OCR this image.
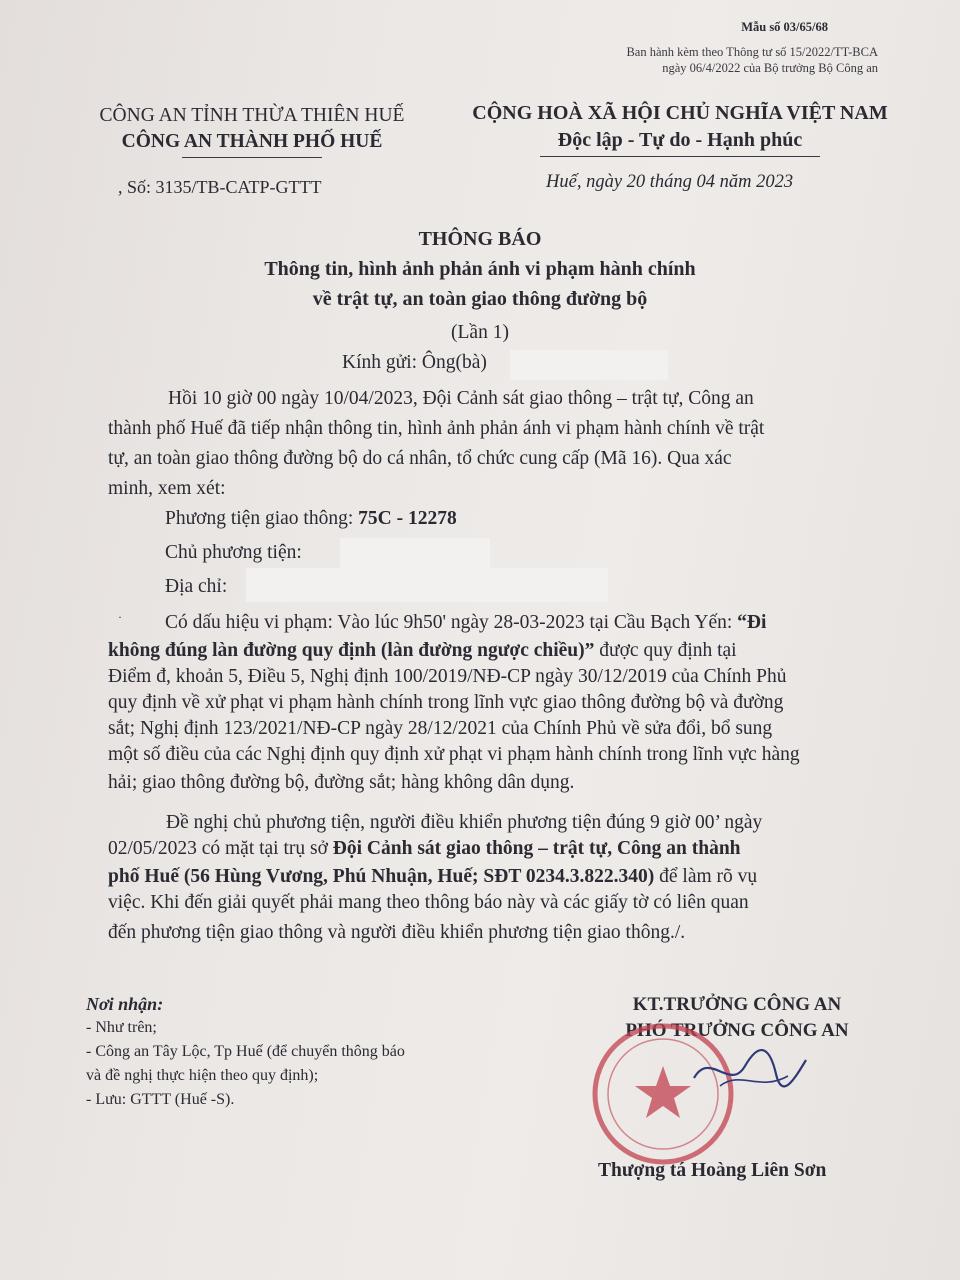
Mẫu số 03/65/68
Ban hành kèm theo Thông tư số 15/2022/TT-BCA
ngày 06/4/2022 của Bộ trưởng Bộ Công an
CÔNG AN TỈNH THỪA THIÊN HUẾ
CÔNG AN THÀNH PHỐ HUẾ
CỘNG HOÀ XÃ HỘI CHỦ NGHĨA VIỆT NAM
Độc lập - Tự do - Hạnh phúc
, Số: 3135/TB-CATP-GTTT	Huế, ngày 20 tháng 04 năm 2023
THÔNG BÁO
Thông tin, hình ảnh phản ánh vi phạm hành chính
về trật tự, an toàn giao thông đường bộ
(Lần 1)
Kính gửi: Ông(bà)
Hồi 10 giờ 00 ngày 10/04/2023, Đội Cảnh sát giao thông – trật tự, Công an
thành phố Huế đã tiếp nhận thông tin, hình ảnh phản ánh vi phạm hành chính về trật
tự, an toàn giao thông đường bộ do cá nhân, tổ chức cung cấp (Mã 16). Qua xác
minh, xem xét:
Phương tiện giao thông: 75C - 12278
Chủ phương tiện:
Địa chỉ:
· Có dấu hiệu vi phạm: Vào lúc 9h50' ngày 28-03-2023 tại Cầu Bạch Yến: “Đi
không đúng làn đường quy định (làn đường ngược chiều)” được quy định tại
Điểm đ, khoản 5, Điều 5, Nghị định 100/2019/NĐ-CP ngày 30/12/2019 của Chính Phủ
quy định về xử phạt vi phạm hành chính trong lĩnh vực giao thông đường bộ và đường
sắt; Nghị định 123/2021/NĐ-CP ngày 28/12/2021 của Chính Phủ về sửa đổi, bổ sung
một số điều của các Nghị định quy định xử phạt vi phạm hành chính trong lĩnh vực hàng
hải; giao thông đường bộ, đường sắt; hàng không dân dụng.
Đề nghị chủ phương tiện, người điều khiển phương tiện đúng 9 giờ 00’ ngày
02/05/2023 có mặt tại trụ sở Đội Cảnh sát giao thông – trật tự, Công an thành
phố Huế (56 Hùng Vương, Phú Nhuận, Huế; SĐT 0234.3.822.340) để làm rõ vụ
việc. Khi đến giải quyết phải mang theo thông báo này và các giấy tờ có liên quan
đến phương tiện giao thông và người điều khiển phương tiện giao thông./.
Nơi nhận:
- Như trên;
- Công an Tây Lộc, Tp Huế (để chuyển thông báo
và đề nghị thực hiện theo quy định);
- Lưu: GTTT (Huế -S).
KT.TRƯỞNG CÔNG AN
PHÓ TRƯỞNG CÔNG AN
Thượng tá Hoàng Liên Sơn
